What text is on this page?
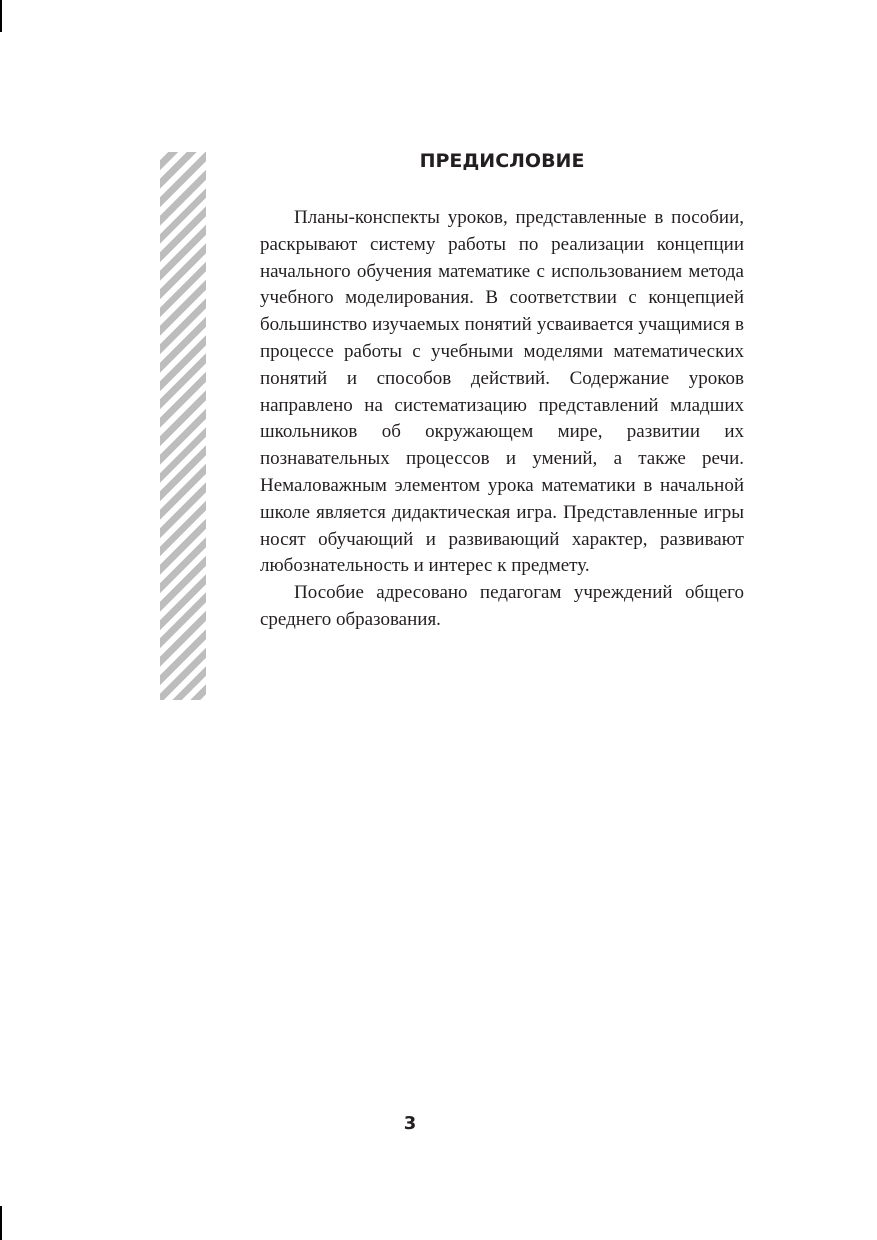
ПРЕДИСЛОВИЕ

Планы-конспекты уроков, представленные в пособии, раскрывают систему работы по реализации концепции начального обучения математике с использованием метода учебного моделирования. В соответствии с концепцией большинство изучаемых понятий усваивается учащимися в процессе работы с учебными моделями математических понятий и способов действий. Содержание уроков направлено на систематизацию представлений младших школьников об окружающем мире, развитии их познавательных процессов и умений, а также речи. Немаловажным элементом урока математики в начальной школе является дидактическая игра. Представленные игры носят обучающий и развивающий характер, развивают любознательность и интерес к предмету.

Пособие адресовано педагогам учреждений общего среднего образования.

3
